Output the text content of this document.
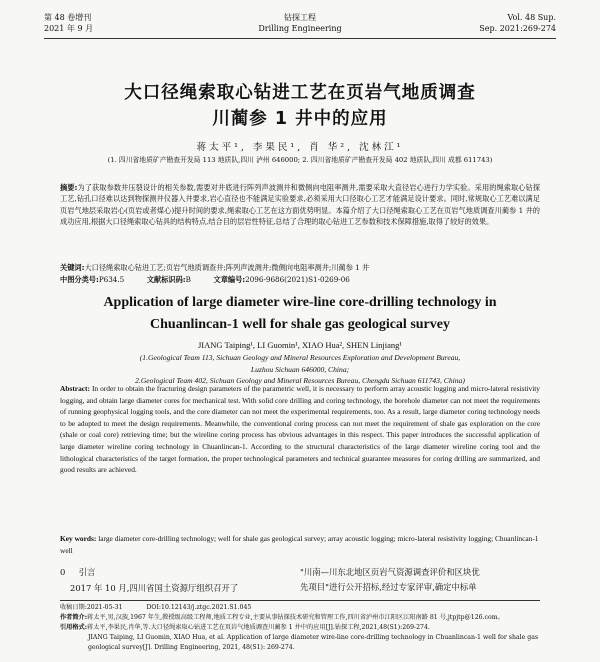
第 48 卷增刊
2021 年 9 月
钻探工程
Drilling Engineering
Vol. 48 Sup.
Sep. 2021:269-274
大口径绳索取心钻进工艺在页岩气地质调查
川蔺参 1 井中的应用
蒋太平¹, 李果民¹, 肖 华², 沈林江¹
(1. 四川省地质矿产勘查开发局 113 地质队,四川 泸州 646000; 2. 四川省地质矿产勘查开发局 402 地质队,四川 成都 611743)
摘要:为了获取参数井压裂设计的相关参数,需要对井底进行阵列声波测井和微侧向电阻率测井,需要采取大直径岩心进行力学实验。采用的绳索取心钻探工艺,钻孔口径难以达到物探测井仪器入井要求,岩心直径也不能满足实验要求,必须采用大口径取心工艺才能满足设计要求。同时,常规取心工艺难以满足页岩气地层采取岩心(页岩或者煤心)提升时间的要求,绳索取心工艺在这方面优势明显。本篇介绍了大口径绳索取心工艺在页岩气地质调查川蔺参 1 井的成功应用,根据大口径绳索取心钻具的结构特点,结合目的层岩性特征,总结了合理的取心钻进工艺参数和技术保障措施,取得了较好的效果。
关键词:大口径绳索取心钻进工艺;页岩气地质调查井;阵列声波测井;微侧向电阻率测井;川蔺参 1 井
中图分类号:P634.5	文献标识码:B	文章编号:2096-9686(2021)S1-0269-06
Application of large diameter wire-line core-drilling technology in
Chuanlincan-1 well for shale gas geological survey
JIANG Taiping¹, LI Guomin¹, XIAO Hua², SHEN Linjiang¹
(1.Geological Team 113, Sichuan Geology and Mineral Resources Exploration and Development Bureau,
Luzhou Sichuan 646000, China;
2.Geological Team 402, Sichuan Geology and Mineral Resources Bureau, Chengdu Sichuan 611743, China)
Abstract: In order to obtain the fracturing design parameters of the parametric well, it is necessary to perform array acoustic logging and micro-lateral resistivity logging, and obtain large diameter cores for mechanical test. With solid core drilling and coring technology, the borehole diameter can not meet the requirements of running geophysical logging tools, and the core diameter can not meet the experimental requirements, too. As a result, large diameter coring technology needs to be adopted to meet the design requirements. Meanwhile, the conventional coring process can not meet the requirement of shale gas exploration on the core (shale or coal core) retrieving time; but the wireline coring process has obvious advantages in this respect. This paper introduces the successful application of large diameter wireline coring technology in Chuanlincan-1. According to the structural characteristics of the large diameter wireline coring tool and the lithological characteristics of the target formation, the proper technological parameters and technical guarantee measures for coring drilling are summarized, and good results are achieved.
Key words: large diameter core-drilling technology; well for shale gas geological survey; array acoustic logging; micro-lateral resistivity logging; Chuanlincan-1 well
0 引言
2017 年 10 月,四川省国土资源厅组织召开了
"川南—川东北地区页岩气资源调查评价和区块优
先项目"进行公开招标,经过专家评审,确定中标单
收稿日期:2021-05-31	DOI:10.12143/j.ztgc.2021.S1.045
作者简介:蒋太平,男,汉族,1967 年生,教授级高级工程师,地质工程专业,主要从事钻探技术研究和管理工作,四川省泸州市江阳区江阳南路 81 号,jtpjtp@126.com。
引用格式:蒋太平,李果民,肖华,等.大口径绳索取心钻进工艺在页岩气地质调查川蔺参 1 井中的应用[J].钻探工程,2021,48(S1):269-274.
JIANG Taiping, LI Guomin, XIAO Hua, et al. Application of large diameter wire-line core-drilling technology in Chuanlincan-1 well for shale gas geological survey[J]. Drilling Engineering, 2021, 48(S1): 269-274.
